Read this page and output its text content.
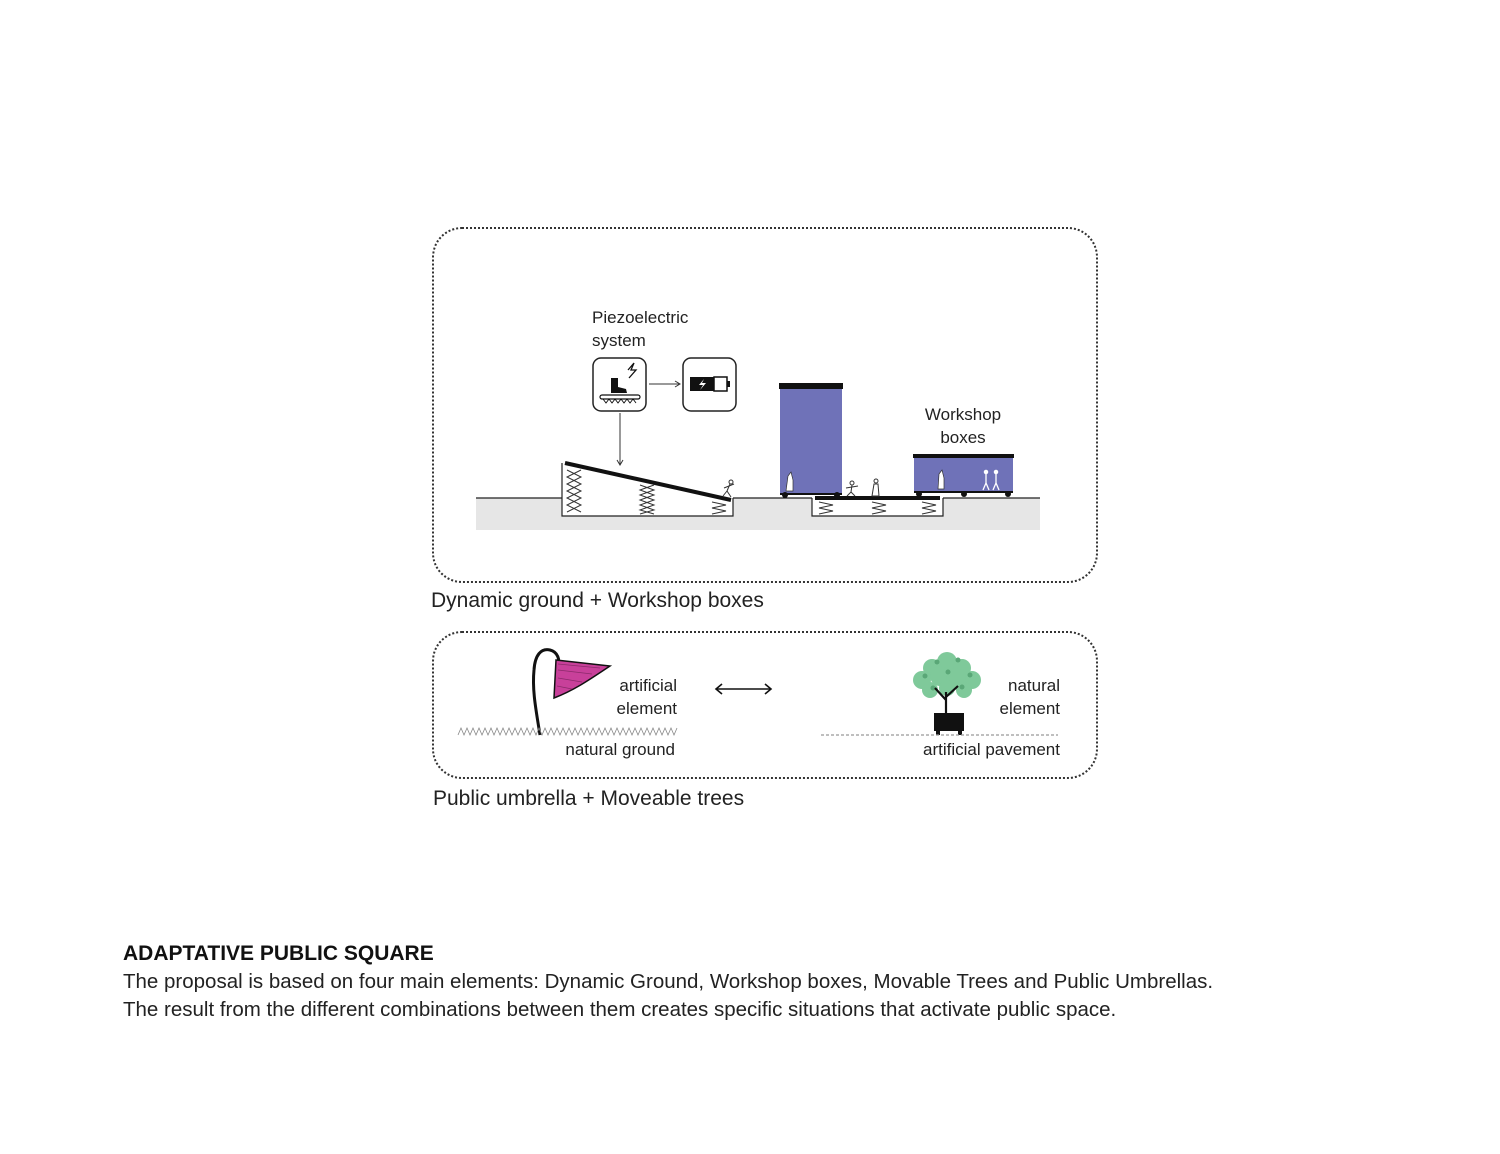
Piezoelectric
system
Workshop
boxes
Dynamic ground + Workshop boxes
artificial
element
natural ground
natural
element
artificial pavement
Public umbrella + Moveable trees
ADAPTATIVE PUBLIC SQUARE
The proposal is based on four main elements: Dynamic Ground, Workshop boxes, Movable Trees and Public Umbrellas.
The result from the different combinations between them creates specific situations that activate public space.
